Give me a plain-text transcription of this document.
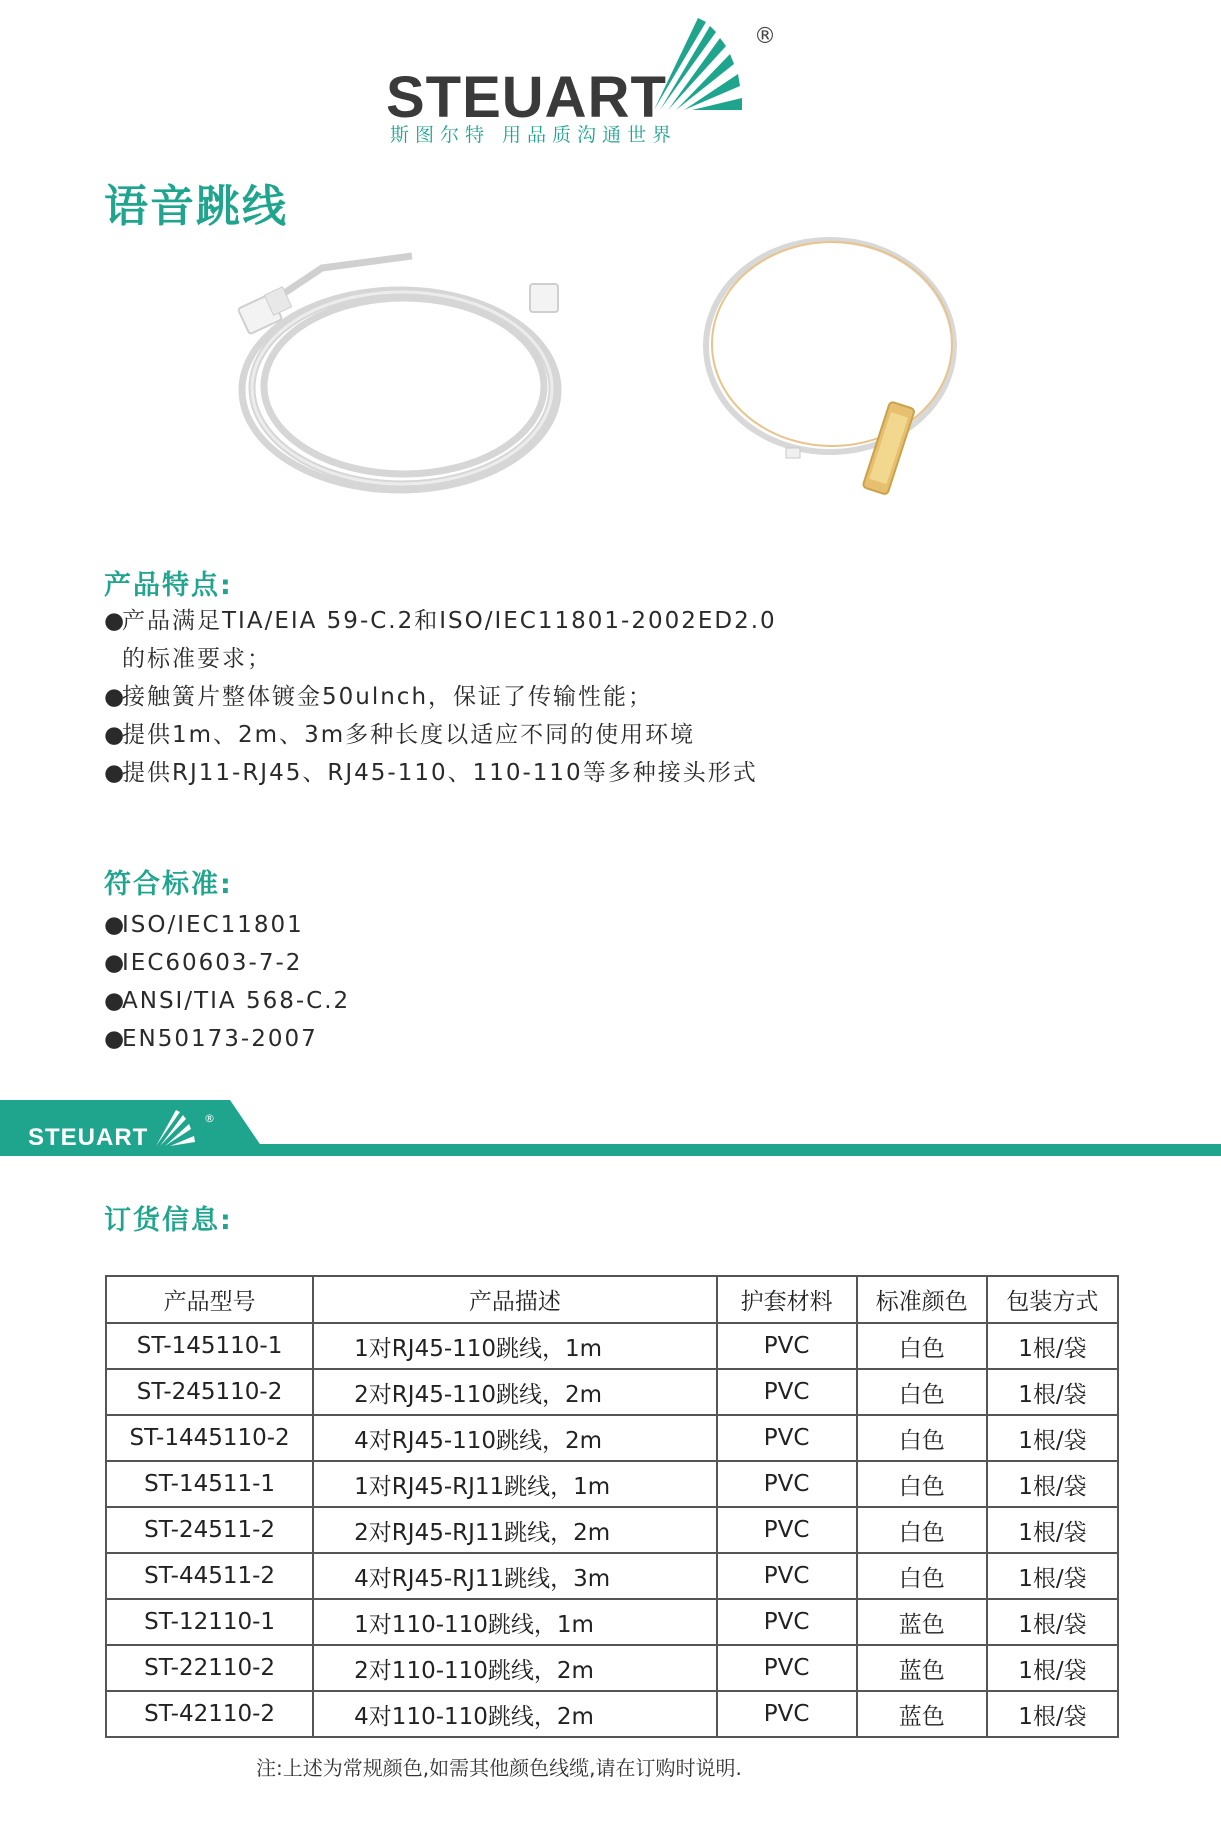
STEUART
®
斯图尔特 用品质沟通世界
语音跳线
产品特点:
●产品满足TIA/EIA 59-C.2和ISO/IEC11801-2002ED2.0
的标准要求；
●接触簧片整体镀金50ulnch，保证了传输性能；
●提供1m、2m、3m多种长度以适应不同的使用环境
●提供RJ11-RJ45、RJ45-110、110-110等多种接头形式
符合标准:
●ISO/IEC11801
●IEC60603-7-2
●ANSI/TIA 568-C.2
●EN50173-2007
STEUART
®
订货信息:
产品型号	产品描述	护套材料	标准颜色	包装方式
ST-145110-1	1对RJ45-110跳线，1m	PVC	白色	1根/袋
ST-245110-2	2对RJ45-110跳线，2m	PVC	白色	1根/袋
ST-1445110-2	4对RJ45-110跳线，2m	PVC	白色	1根/袋
ST-14511-1	1对RJ45-RJ11跳线，1m	PVC	白色	1根/袋
ST-24511-2	2对RJ45-RJ11跳线，2m	PVC	白色	1根/袋
ST-44511-2	4对RJ45-RJ11跳线，3m	PVC	白色	1根/袋
ST-12110-1	1对110-110跳线，1m	PVC	蓝色	1根/袋
ST-22110-2	2对110-110跳线，2m	PVC	蓝色	1根/袋
ST-42110-2	4对110-110跳线，2m	PVC	蓝色	1根/袋
注:上述为常规颜色,如需其他颜色线缆,请在订购时说明.
